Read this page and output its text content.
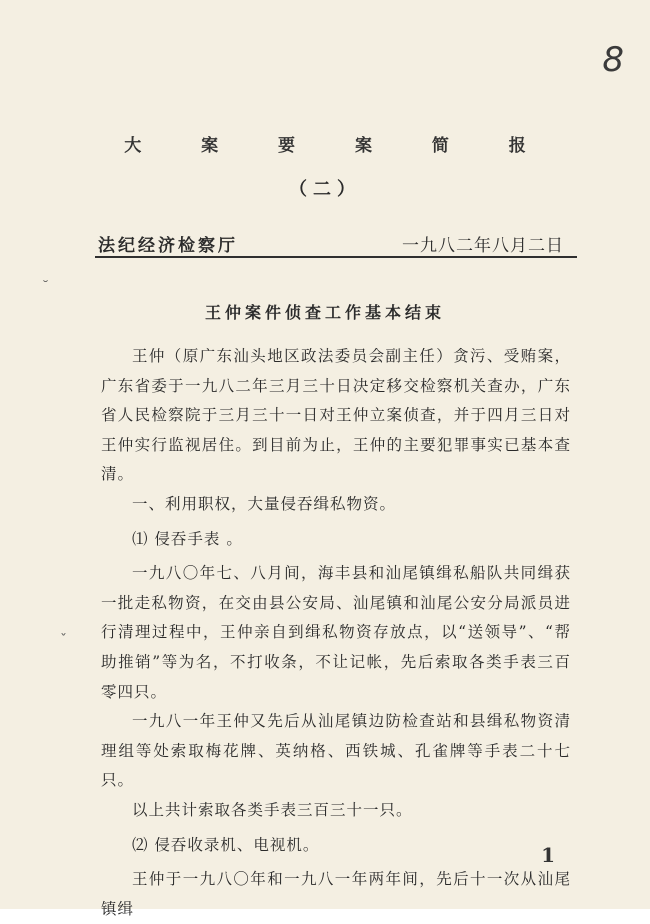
8
大 案 要 案 简 报
（二）
法纪经济检察厅	一九八二年八月二日
王仲案件侦查工作基本结束

王仲（原广东汕头地区政法委员会副主任）贪污、受贿案，广东省委于一九八二年三月三十日决定移交检察机关查办，广东省人民检察院于三月三十一日对王仲立案侦查，并于四月三日对王仲实行监视居住。到目前为止，王仲的主要犯罪事实已基本查清。

一、利用职权，大量侵吞缉私物资。

⑴ 侵吞手表 。

一九八〇年七、八月间，海丰县和汕尾镇缉私船队共同缉获一批走私物资，在交由县公安局、汕尾镇和汕尾公安分局派员进行清理过程中，王仲亲自到缉私物资存放点，以“送领导”、“帮助推销”等为名，不打收条，不让记帐，先后索取各类手表三百零四只。

一九八一年王仲又先后从汕尾镇边防检查站和县缉私物资清理组等处索取梅花牌、英纳格、西铁城、孔雀牌等手表二十七只。

以上共计索取各类手表三百三十一只。

⑵ 侵吞收录机、电视机。

王仲于一九八〇年和一九八一年两年间，先后十一次从汕尾镇缉

1
˘
ˇ
